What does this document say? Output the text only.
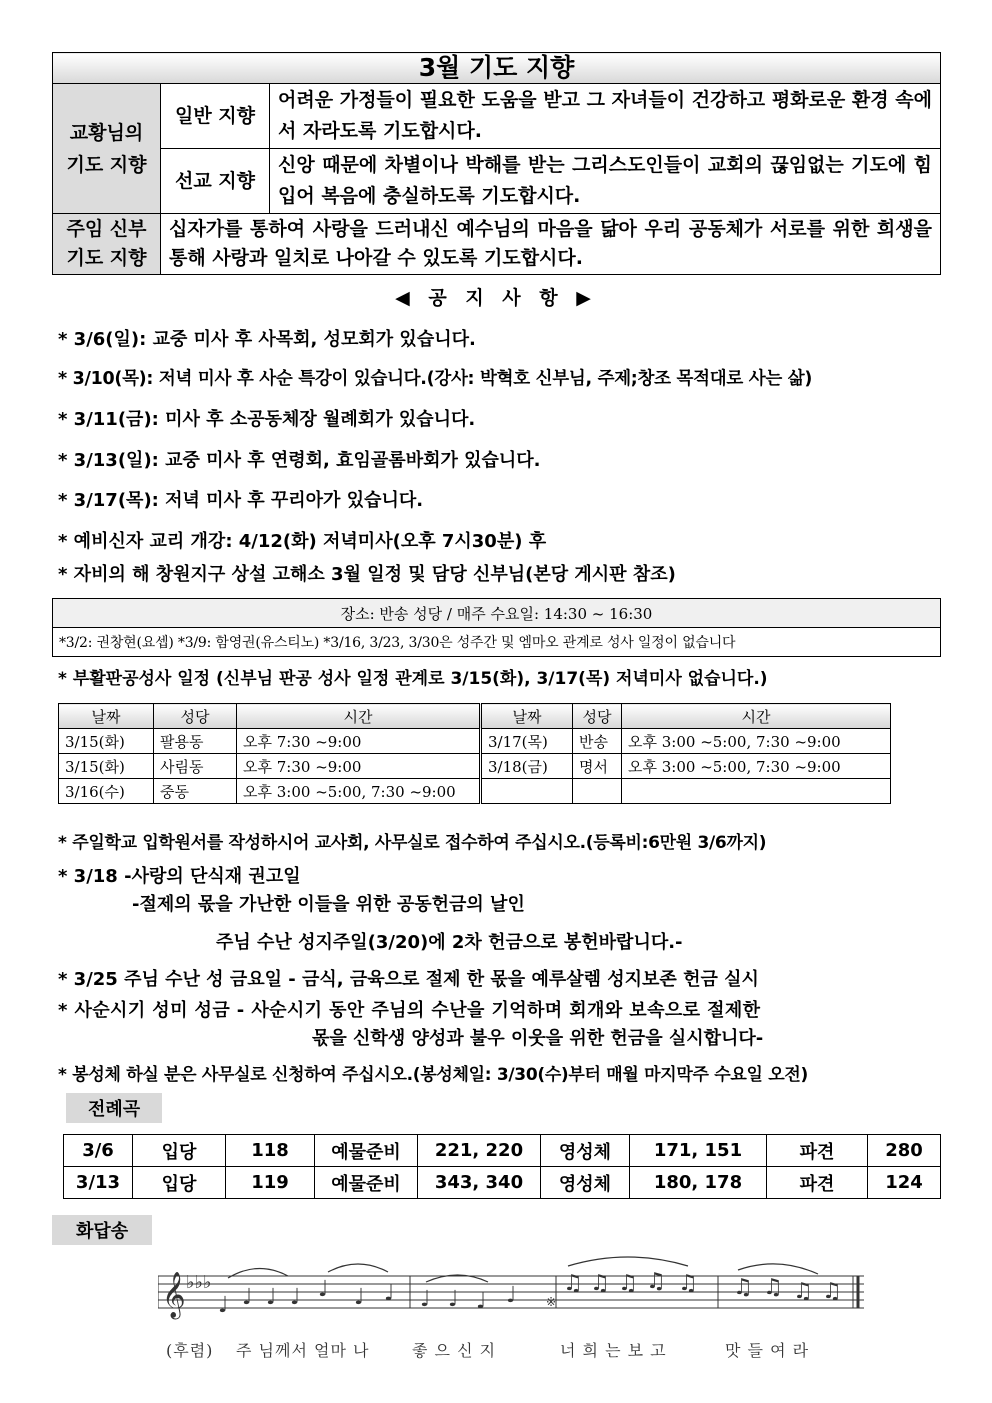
3월 기도 지향		

교황님의
기도 지향	일반 지향	어려운 가정들이 필요한 도움을 받고 그 자녀들이 건강하고 평화로운 환경 속에서 자라도록 기도합시다.
	선교 지향	신앙 때문에 차별이나 박해를 받는 그리스도인들이 교회의 끊임없는 기도에 힘입어 복음에 충실하도록 기도합시다.

주임 신부
기도 지향	십자가를 통하여 사랑을 드러내신 예수님의 마음을 닮아 우리 공동체가 서로를 위한 희생을 통해 사랑과 일치로 나아갈 수 있도록 기도합시다.	
◀ 공 지 사 항 ▶
* 3/6(일): 교중 미사 후 사목회, 성모회가 있습니다.
* 3/10(목): 저녁 미사 후 사순 특강이 있습니다.(강사: 박혁호 신부님, 주제;창조 목적대로 사는 삶)
* 3/11(금): 미사 후 소공동체장 월례회가 있습니다.
* 3/13(일): 교중 미사 후 연령회, 효임골롬바회가 있습니다.
* 3/17(목): 저녁 미사 후 꾸리아가 있습니다.
* 예비신자 교리 개강: 4/12(화) 저녁미사(오후 7시30분) 후
* 자비의 해 창원지구 상설 고해소 3월 일정 및 담당 신부님(본당 게시판 참조)
장소: 반송 성당 / 매주 수요일: 14:30 ~ 16:30
*3/2: 권창현(요셉) *3/9: 함영권(유스티노) *3/16, 3/23, 3/30은 성주간 및 엠마오 관계로 성사 일정이 없습니다
* 부활판공성사 일정 (신부님 판공 성사 일정 관계로 3/15(화), 3/17(목) 저녁미사 없습니다.)
날짜	성당	시간	날짜	성당	시간
3/15(화)	팔용동	오후 7:30 ~9:00	3/17(목)	반송	오후 3:00 ~5:00, 7:30 ~9:00
3/15(화)	사림동	오후 7:30 ~9:00	3/18(금)	명서	오후 3:00 ~5:00, 7:30 ~9:00
3/16(수)	중동	오후 3:00 ~5:00, 7:30 ~9:00			
* 주일학교 입학원서를 작성하시어 교사회, 사무실로 접수하여 주십시오.(등록비:6만원 3/6까지)
* 3/18 -사랑의 단식재 권고일
-절제의 몫을 가난한 이들을 위한 공동헌금의 날인
주님 수난 성지주일(3/20)에 2차 헌금으로 봉헌바랍니다.-
* 3/25 주님 수난 성 금요일 - 금식, 금육으로 절제 한 몫을 예루살렘 성지보존 헌금 실시
* 사순시기 성미 성금 - 사순시기 동안 주님의 수난을 기억하며 회개와 보속으로 절제한
몫을 신학생 양성과 불우 이웃을 위한 헌금을 실시합니다-
* 봉성체 하실 분은 사무실로 신청하여 주십시오.(봉성체일: 3/30(수)부터 매월 마지막주 수요일 오전)
전례곡
3/6	입당	118	예물준비	221, 220	영성체	171, 151	파견	280
3/13	입당	119	예물준비	343, 340	영성체	180, 178	파견	124
화답송
𝄞 ♭♭♭
♩ ♩ ♩ ♩ ♩ ♩ ♩ ♩ ♩ ♩ ♩ ♫ ♫ ♫ ♫ ♫ ♫ ♫ ♫ ♫
※
(후렴) 주 님께서 얼마 나	좋 으 신 지	너 희 는 보 고	맛 들 여 라
